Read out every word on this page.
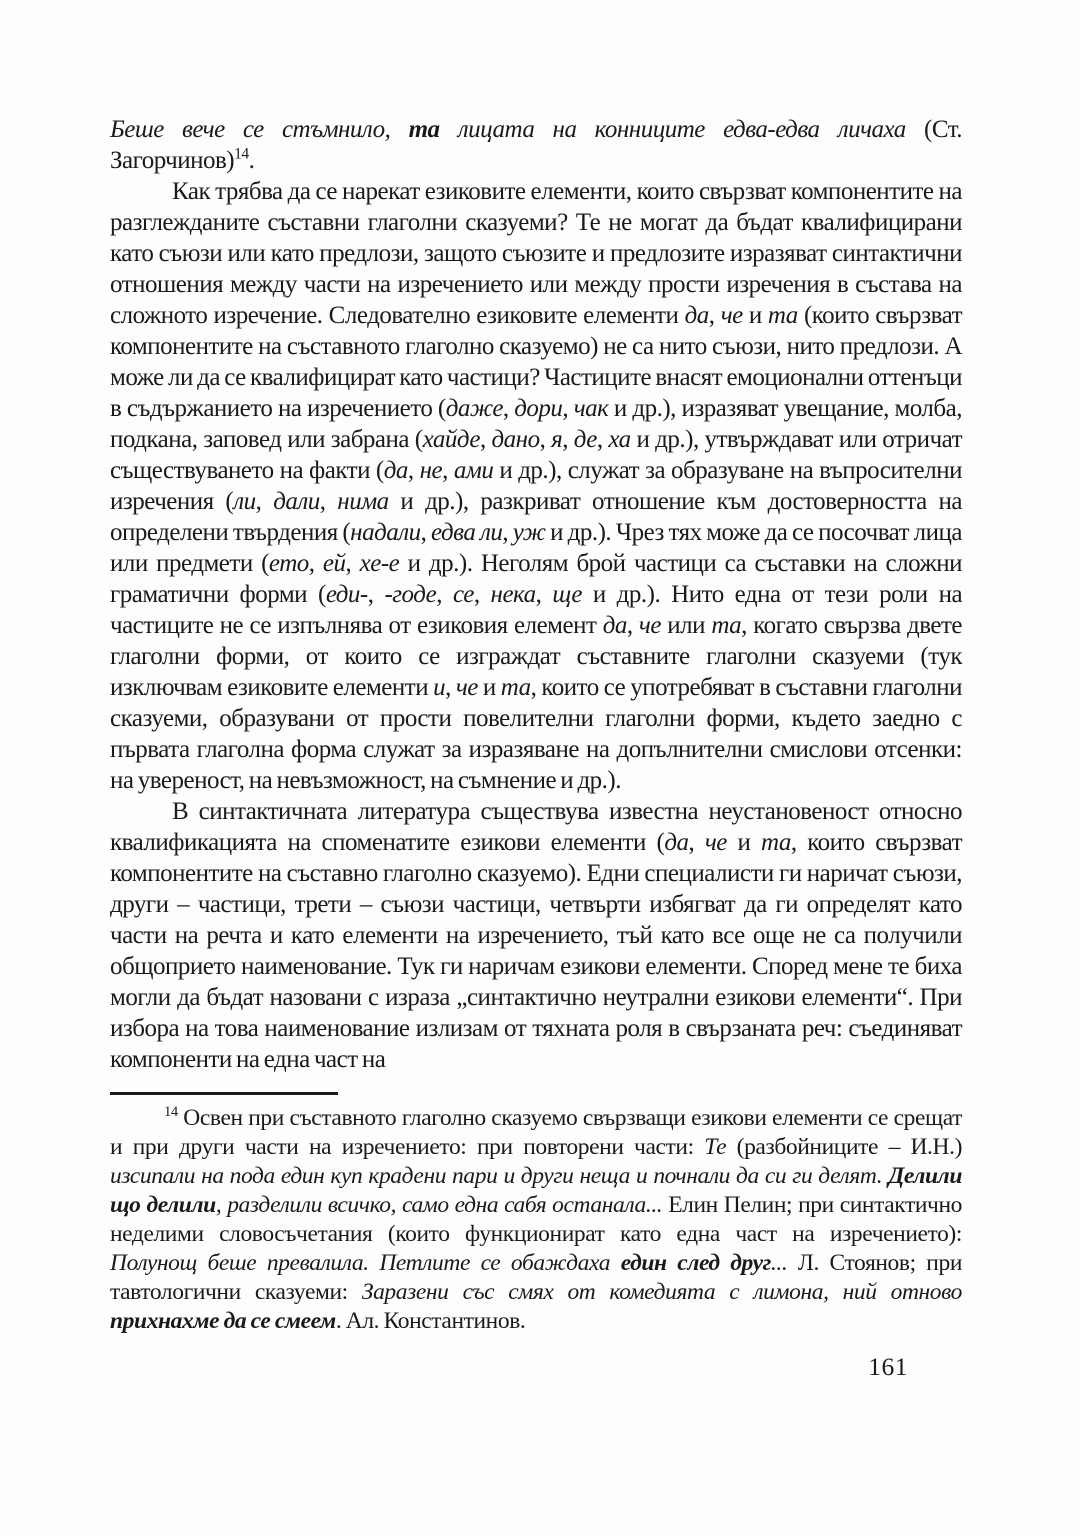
Беше вече се стъмнило, та лицата на конниците едва-едва личаха (Ст. Загорчинов)$^{14}$.

Как трябва да се нарекат езиковите елементи, които свързват компонентите на разглежданите съставни глаголни сказуеми? Те не могат да бъдат квалифицирани като съюзи или като предлози, защото съюзите и предлозите изразяват синтактични отношения между части на изречението или между прости изречения в състава на сложното изречение. Следователно езиковите елементи да, че и та (които свързват компонентите на съставното глаголно сказуемо) не са нито съюзи, нито предлози. А може ли да се квалифицират като частици? Частиците внасят емоционални оттенъци в съдържанието на изречението (даже, дори, чак и др.), изразяват увещание, молба, подкана, заповед или забрана (хайде, дано, я, де, ха и др.), утвърждават или отричат съществуването на факти (да, не, ами и др.), служат за образуване на въпросителни изречения (ли, дали, нима и др.), разкриват отношение към достоверността на определени твърдения (надали, едва ли, уж и др.). Чрез тях може да се посочват лица или предмети (ето, ей, хе-е и др.). Неголям брой частици са съставки на сложни граматични форми (еди-, -годе, се, нека, ще и др.). Нито една от тези роли на частиците не се изпълнява от езиковия елемент да, че или та, когато свързва двете глаголни форми, от които се изграждат съставните глаголни сказуеми (тук изключвам езиковите елементи и, че и та, които се употребяват в съставни глаголни сказуеми, образувани от прости повелителни глаголни форми, където заедно с първата глаголна форма служат за изразяване на допълнителни смислови отсенки: на увереност, на невъзможност, на съмнение и др.).

В синтактичната литература съществува известна неустановеност относно квалификацията на споменатите езикови елементи (да, че и та, които свързват компонентите на съставно глаголно сказуемо). Едни специалисти ги наричат съюзи, други – частици, трети – съюзи частици, четвърти избягват да ги определят като части на речта и като елементи на изречението, тъй като все още не са получили общоприето наименование. Тук ги наричам езикови елементи. Според мене те биха могли да бъдат назовани с израза „синтактично неутрални езикови елементи“. При избора на това наименование излизам от тяхната роля в свързаната реч: съединяват компоненти на една част на

$^{14}$ Освен при съставното глаголно сказуемо свързващи езикови елементи се срещат и при други части на изречението: при повторени части: Те (разбойниците – И.Н.) изсипали на пода един куп крадени пари и други неща и почнали да си ги делят. Делили що делили, разделили всичко, само една сабя останала... Елин Пелин; при синтактично неделими словосъчетания (които функционират като една част на изречението): Полунощ беше превалила. Петлите се обаждаха един след друг... Л. Стоянов; при тавтологични сказуеми: Заразени със смях от комедията с лимона, ний отново прихнахме да се смеем. Ал. Константинов.

161
